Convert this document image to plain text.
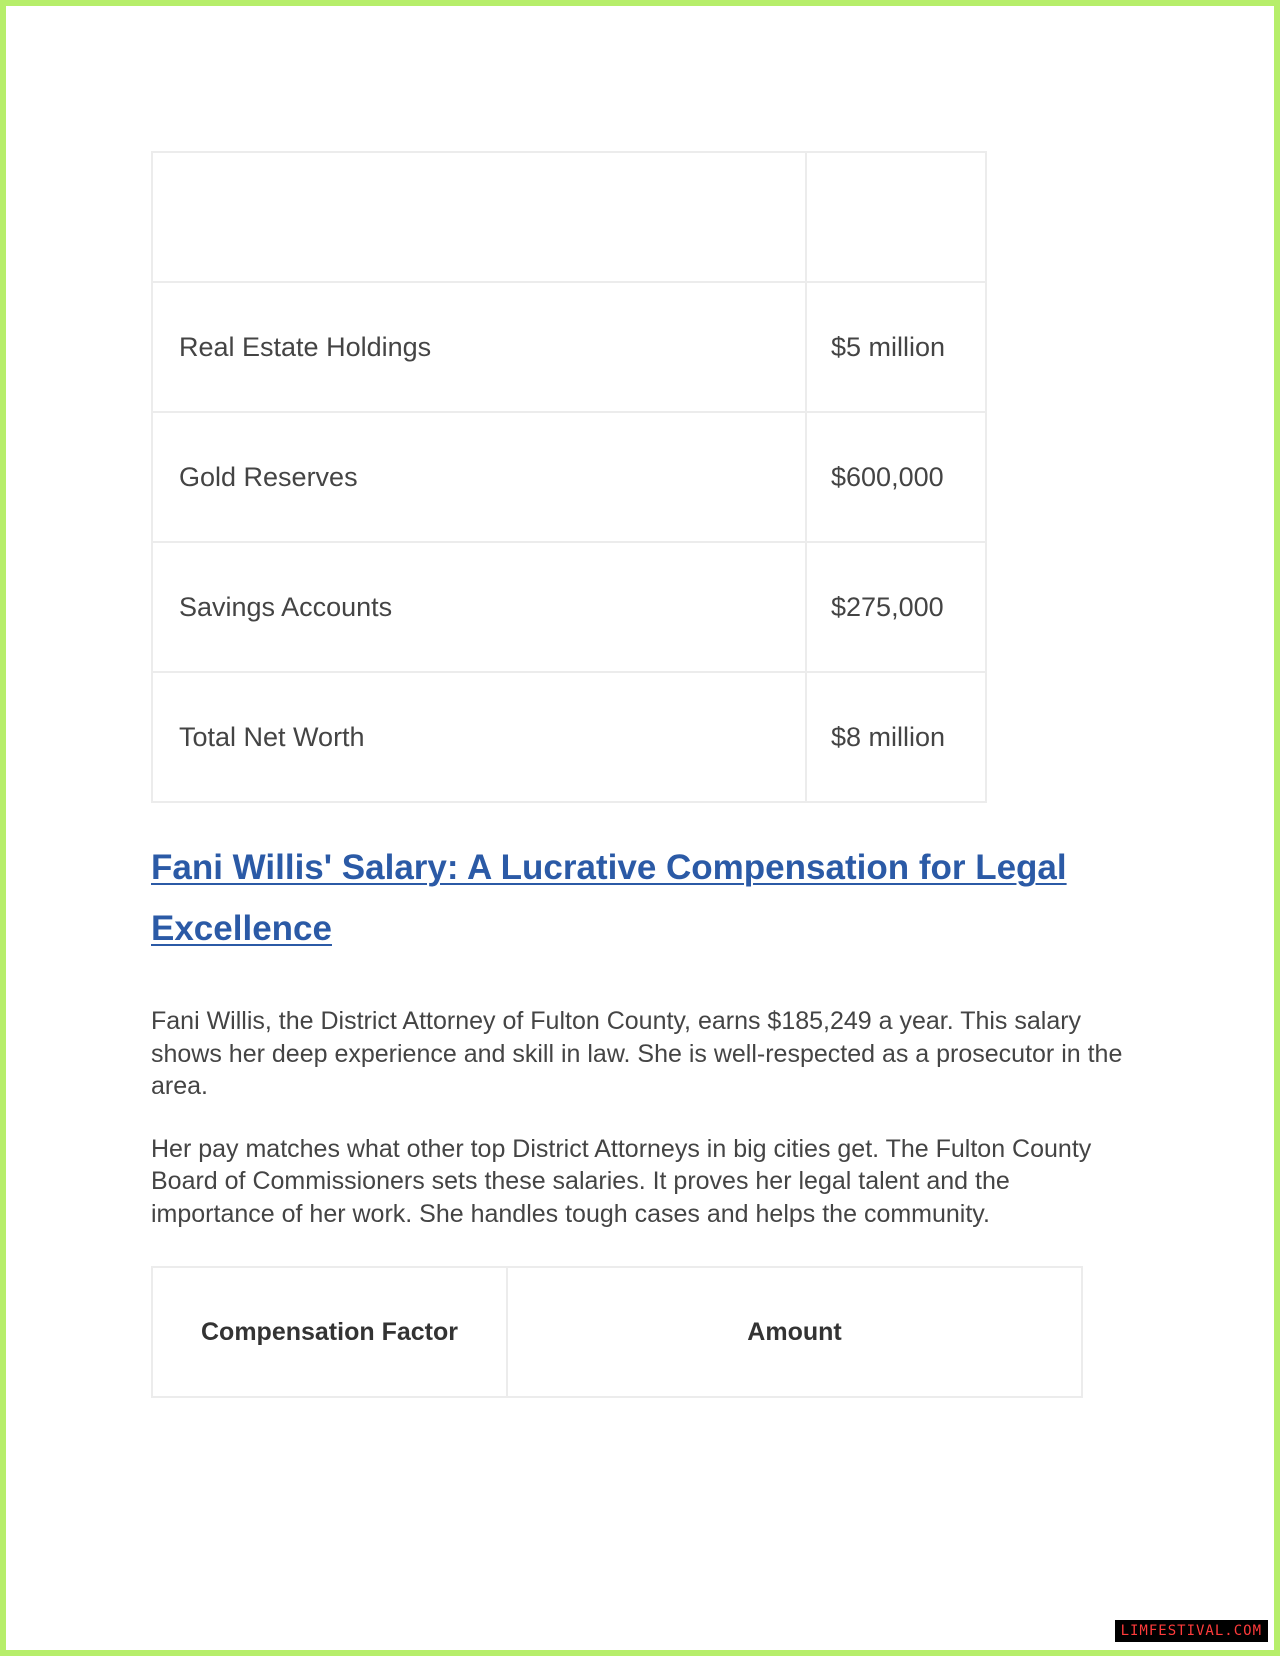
Real Estate Holdings	$5 million
Gold Reserves	$600,000
Savings Accounts	$275,000
Total Net Worth	$8 million
Fani Willis' Salary: A Lucrative Compensation for Legal Excellence

Fani Willis, the District Attorney of Fulton County, earns $185,249 a year. This salary shows her deep experience and skill in law. She is well-respected as a prosecutor in the area.

Her pay matches what other top District Attorneys in big cities get. The Fulton County Board of Commissioners sets these salaries. It proves her legal talent and the importance of her work. She handles tough cases and helps the community.

Compensation Factor	Amount
LIMFESTIVAL.COM
